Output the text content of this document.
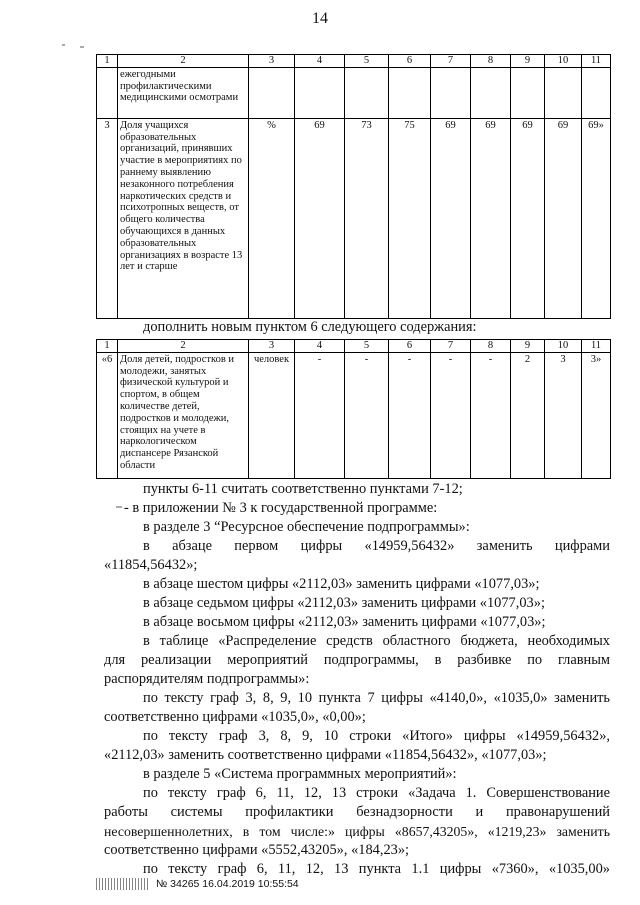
14
1	2	3	4	5	6	7	8	9	10	11
	ежегодными профилактическими медицинскими осмотрами									
3	Доля учащихся образовательных организаций, принявших участие в мероприятиях по раннему выявлению незаконного потребления наркотических средств и психотропных веществ, от общего количества обучающихся в данных образовательных организациях в возрасте 13 лет и старше	%	69	73	75	69	69	69	69	69»
дополнить новым пунктом 6 следующего содержания:
1	2	3	4	5	6	7	8	9	10	11
«6	Доля детей, подростков и молодежи, занятых физической культурой и спортом, в общем количестве детей, подростков и молодежи, стоящих на учете в наркологическом диспансере Рязанской области	человек	-	-	-	-	-	2	3	3»
пункты 6-11 считать соответственно пунктами 7-12;
- в приложении № 3 к государственной программе:
в разделе 3 “Ресурсное обеспечение подпрограммы»:
в абзаце первом цифры «14959,56432» заменить цифрами
«11854,56432»;
в абзаце шестом цифры «2112,03» заменить цифрами «1077,03»;
в абзаце седьмом цифры «2112,03» заменить цифрами «1077,03»;
в абзаце восьмом цифры «2112,03» заменить цифрами «1077,03»;
в таблице «Распределение средств областного бюджета, необходимых
для реализации мероприятий подпрограммы, в разбивке по главным
распорядителям подпрограммы»:
по тексту граф 3, 8, 9, 10 пункта 7 цифры «4140,0», «1035,0» заменить
соответственно цифрами «1035,0», «0,00»;
по тексту граф 3, 8, 9, 10 строки «Итого» цифры «14959,56432»,
«2112,03» заменить соответственно цифрами «11854,56432», «1077,03»;
в разделе 5 «Система программных мероприятий»:
по тексту граф 6, 11, 12, 13 строки «Задача 1. Совершенствование
работы системы профилактики безнадзорности и правонарушений
несовершеннолетних, в том числе:» цифры «8657,43205», «1219,23» заменить
соответственно цифрами «5552,43205», «184,23»;
по тексту граф 6, 11, 12, 13 пункта 1.1 цифры «7360», «1035,00»
№ 34265 16.04.2019 10:55:54
